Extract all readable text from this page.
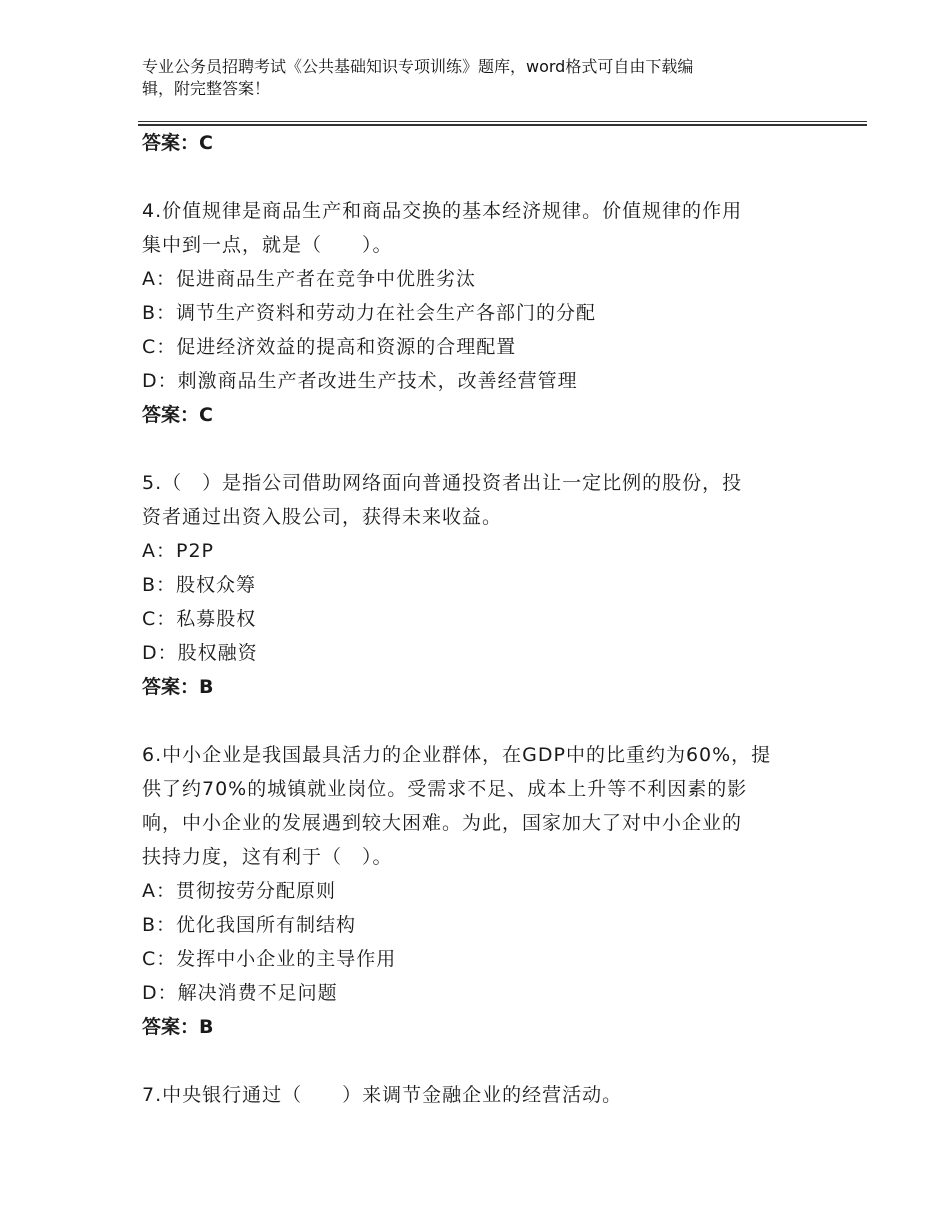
专业公务员招聘考试《公共基础知识专项训练》题库，word格式可自由下载编
辑，附完整答案！
答案：C
4.价值规律是商品生产和商品交换的基本经济规律。价值规律的作用
集中到一点，就是（　　）。
A：促进商品生产者在竞争中优胜劣汰
B：调节生产资料和劳动力在社会生产各部门的分配
C：促进经济效益的提高和资源的合理配置
D：刺激商品生产者改进生产技术，改善经营管理
答案：C
5.（　）是指公司借助网络面向普通投资者出让一定比例的股份，投
资者通过出资入股公司，获得未来收益。
A：P2P
B：股权众筹
C：私募股权
D：股权融资
答案：B
6.中小企业是我国最具活力的企业群体，在GDP中的比重约为60%，提
供了约70%的城镇就业岗位。受需求不足、成本上升等不利因素的影
响，中小企业的发展遇到较大困难。为此，国家加大了对中小企业的
扶持力度，这有利于（　）。
A：贯彻按劳分配原则
B：优化我国所有制结构
C：发挥中小企业的主导作用
D：解决消费不足问题
答案：B
7.中央银行通过（　　）来调节金融企业的经营活动。
